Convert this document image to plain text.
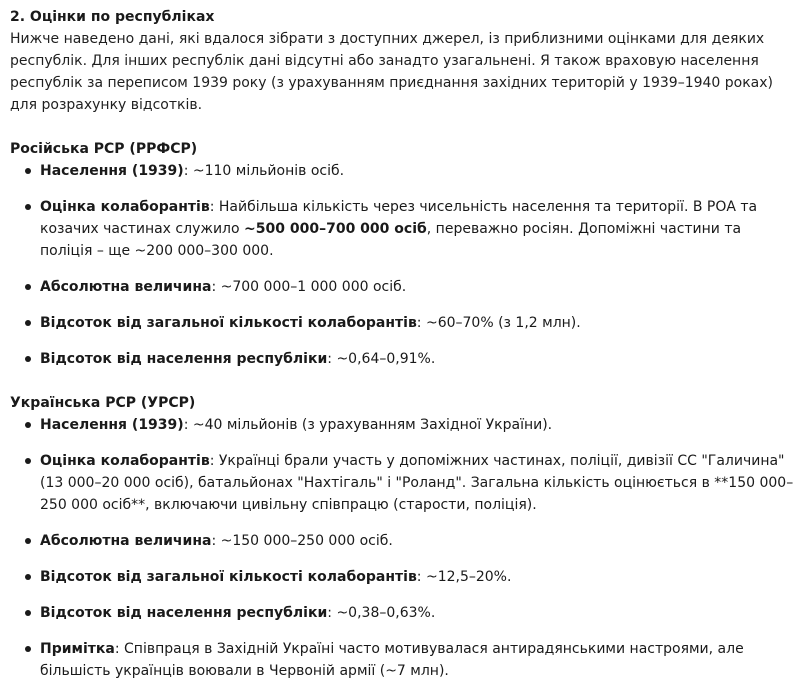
2. Оцінки по республіках

Нижче наведено дані, які вдалося зібрати з доступних джерел, із приблизними оцінками для деяких республік. Для інших республік дані відсутні або занадто узагальнені. Я також враховую населення республік за переписом 1939 року (з урахуванням приєднання західних територій у 1939–1940 роках) для розрахунку відсотків.

Російська РСР (РРФСР)

Населення (1939): ~110 мільйонів осіб.
Оцінка колаборантів: Найбільша кількість через чисельність населення та території. В РОА та козачих частинах служило ~500 000–700 000 осіб, переважно росіян. Допоміжні частини та поліція – ще ~200 000–300 000.
Абсолютна величина: ~700 000–1 000 000 осіб.
Відсоток від загальної кількості колаборантів: ~60–70% (з 1,2 млн).
Відсоток від населення республіки: ~0,64–0,91%.

Українська РСР (УРСР)

Населення (1939): ~40 мільйонів (з урахуванням Західної України).
Оцінка колаборантів: Українці брали участь у допоміжних частинах, поліції, дивізії СС "Галичина" (13 000–20 000 осіб), батальйонах "Нахтігаль" і "Роланд". Загальна кількість оцінюється в **150 000–250 000 осіб**, включаючи цивільну співпрацю (старости, поліція).
Абсолютна величина: ~150 000–250 000 осіб.
Відсоток від загальної кількості колаборантів: ~12,5–20%.
Відсоток від населення республіки: ~0,38–0,63%.
Примітка: Співпраця в Західній Україні часто мотивувалася антирадянськими настроями, але більшість українців воювали в Червоній армії (~7 млн).
